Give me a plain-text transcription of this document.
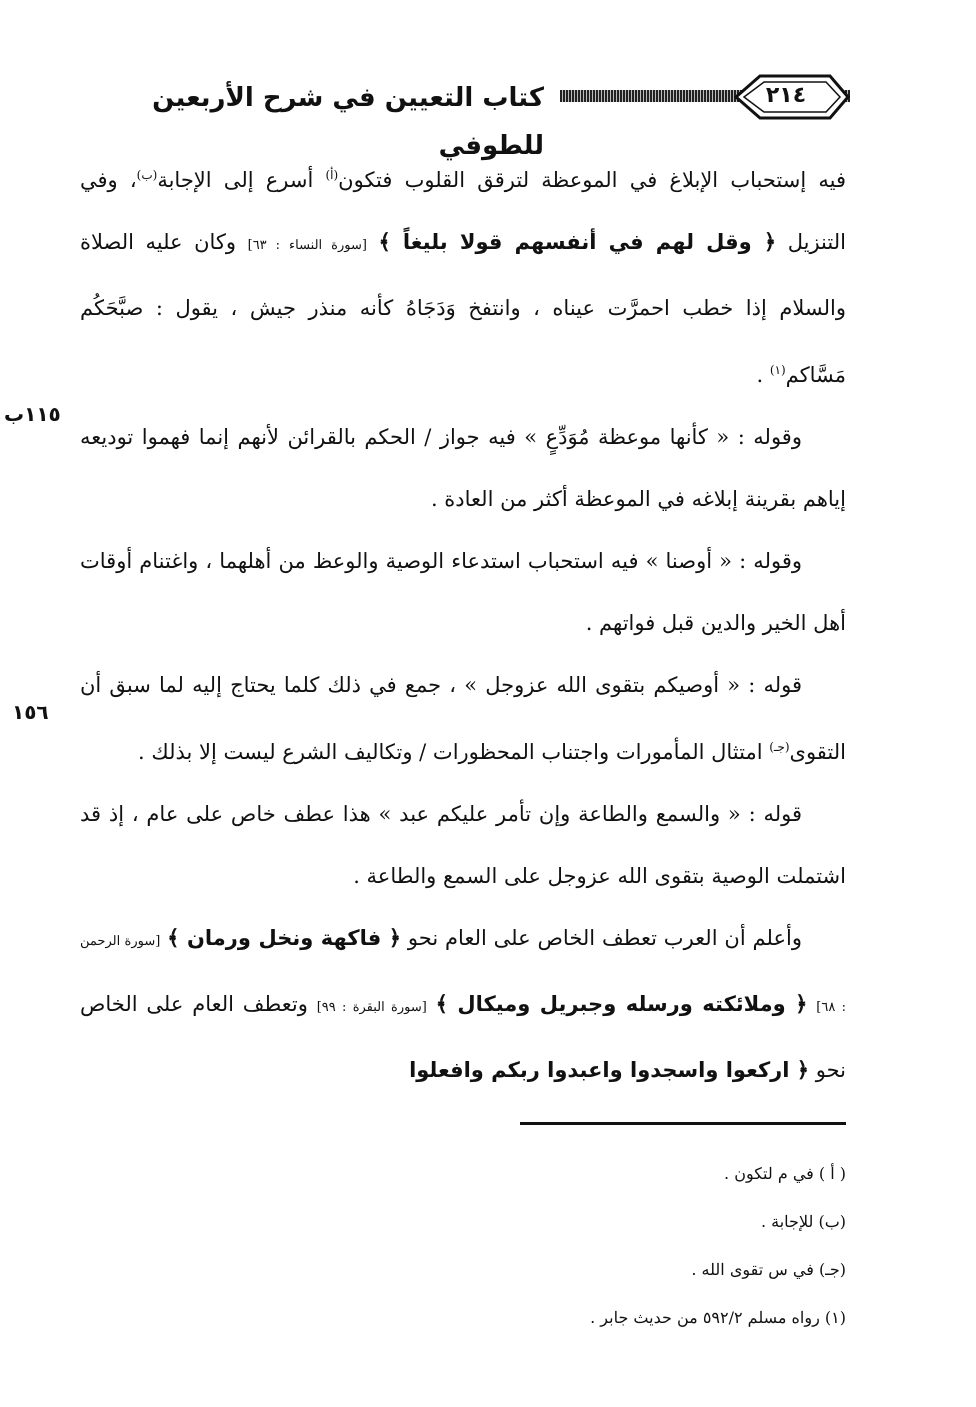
كتاب التعيين في شرح الأربعين للطوفي
٢١٤
١١٥ب
١٥٦

فيه إستحباب الإبلاغ في الموعظة لترقق القلوب فتكون$^{(أ)}$ أسرع إلى الإجابة$^{(ب)}$، وفي التنزيل ﴿ وقل لهم في أنفسهم قولا بليغاً ﴾ [سورة النساء : ٦٣] وكان عليه الصلاة والسلام إذا خطب احمرَّت عيناه ، وانتفخ وَدَجَاهُ كأنه منذر جيش ، يقول : صبَّحَكُم مَسَّاكم$^{(١)}$ .

وقوله : « كأنها موعظة مُوَدِّعٍ » فيه جواز / الحكم بالقرائن لأنهم إنما فهموا توديعه إياهم بقرينة إبلاغه في الموعظة أكثر من العادة .

وقوله : « أوصنا » فيه استحباب استدعاء الوصية والوعظ من أهلهما ، واغتنام أوقات أهل الخير والدين قبل فواتهم .

قوله : « أوصيكم بتقوى الله عزوجل » ، جمع في ذلك كلما يحتاج إليه لما سبق أن التقوى$^{(جـ)}$ امتثال المأمورات واجتناب المحظورات / وتكاليف الشرع ليست إلا بذلك .

قوله : « والسمع والطاعة وإن تأمر عليكم عبد » هذا عطف خاص على عام ، إذ قد اشتملت الوصية بتقوى الله عزوجل على السمع والطاعة .

وأعلم أن العرب تعطف الخاص على العام نحو ﴿ فاكهة ونخل ورمان ﴾ [سورة الرحمن : ٦٨] ﴿ وملائكته ورسله وجبريل وميكال ﴾ [سورة البقرة : ٩٩] وتعطف العام على الخاص نحو ﴿ اركعوا واسجدوا واعبدوا ربكم وافعلوا

( أ ) في م لتكون .

(ب) للإجابة .

(جـ) في س تقوى الله .

(١) رواه مسلم ٥٩٢/٢ من حديث جابر .
